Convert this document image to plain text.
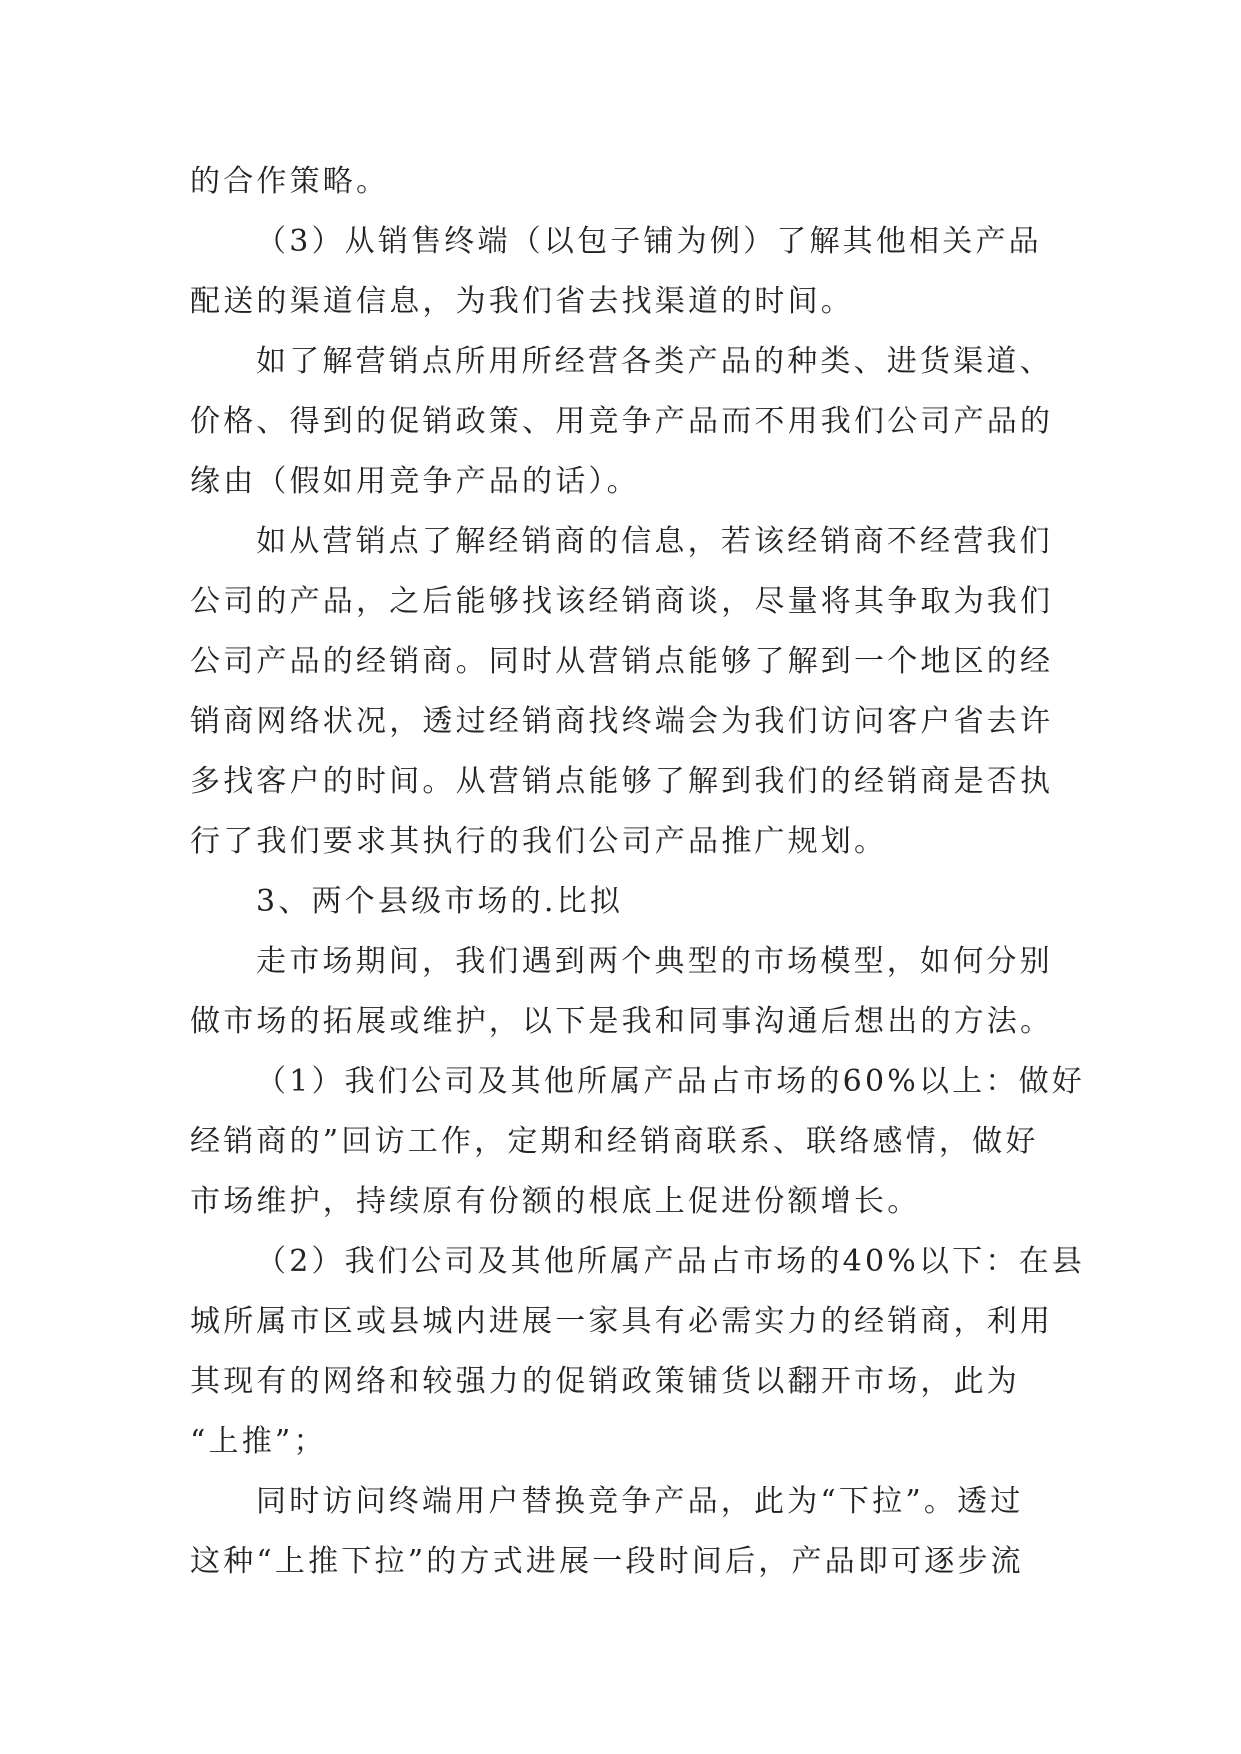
的合作策略。

（3）从销售终端（以包子铺为例）了解其他相关产品

配送的渠道信息，为我们省去找渠道的时间。

如了解营销点所用所经营各类产品的种类、进货渠道、

价格、得到的促销政策、用竞争产品而不用我们公司产品的

缘由（假如用竞争产品的话）。

如从营销点了解经销商的信息，若该经销商不经营我们

公司的产品，之后能够找该经销商谈，尽量将其争取为我们

公司产品的经销商。同时从营销点能够了解到一个地区的经

销商网络状况，透过经销商找终端会为我们访问客户省去许

多找客户的时间。从营销点能够了解到我们的经销商是否执

行了我们要求其执行的我们公司产品推广规划。

3、两个县级市场的.比拟

走市场期间，我们遇到两个典型的市场模型，如何分别

做市场的拓展或维护，以下是我和同事沟通后想出的方法。

（1）我们公司及其他所属产品占市场的60%以上：做好

经销商的”回访工作，定期和经销商联系、联络感情，做好

市场维护，持续原有份额的根底上促进份额增长。

（2）我们公司及其他所属产品占市场的40%以下：在县

城所属市区或县城内进展一家具有必需实力的经销商，利用

其现有的网络和较强力的促销政策铺货以翻开市场，此为

“上推”；

同时访问终端用户替换竞争产品，此为“下拉”。透过

这种“上推下拉”的方式进展一段时间后，产品即可逐步流
